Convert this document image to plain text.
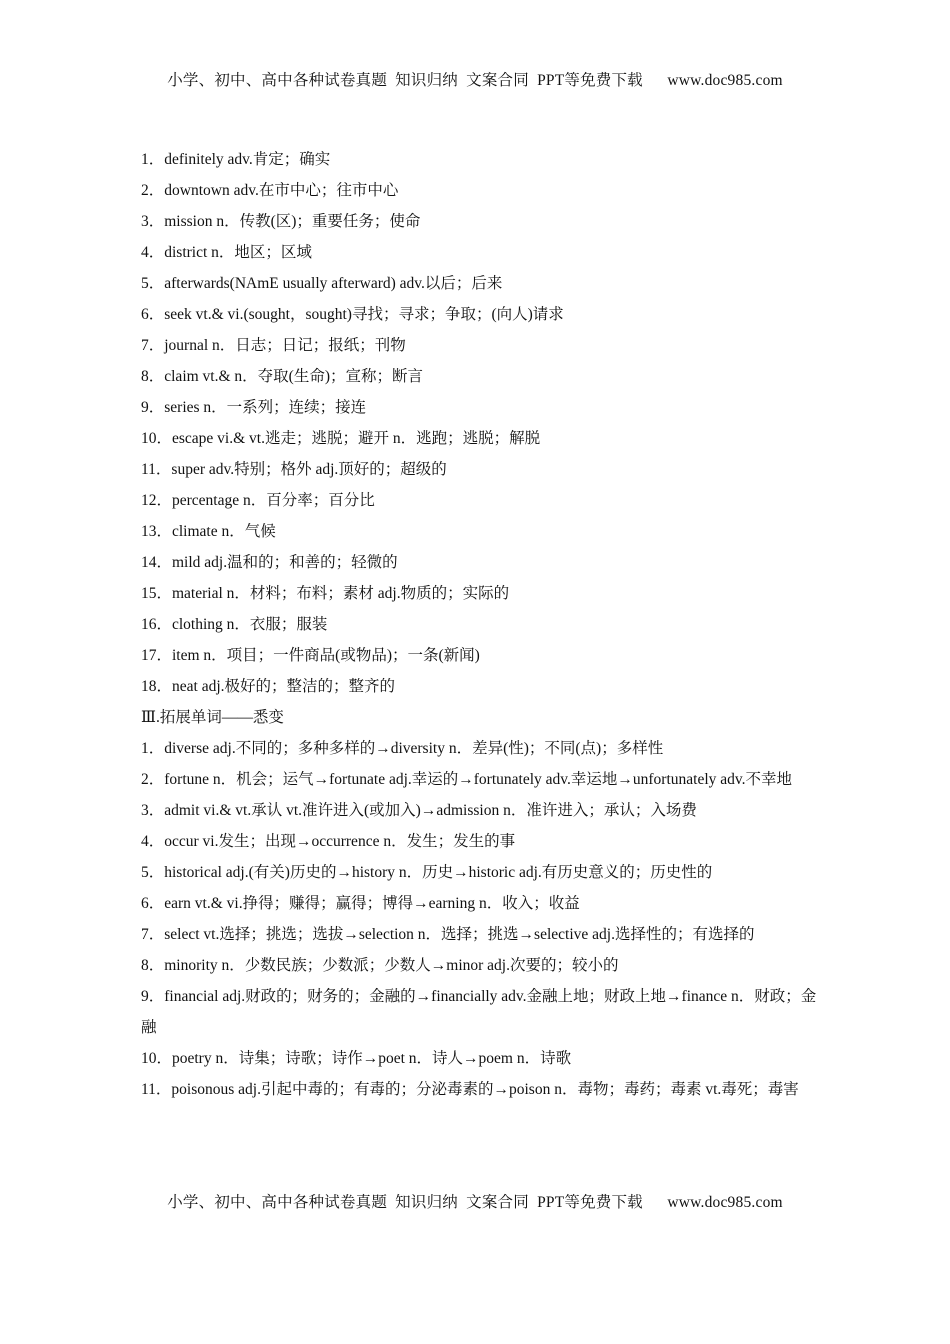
小学、初中、高中各种试卷真题  知识归纳  文案合同  PPT等免费下载      www.doc985.com
1．definitely adv.肯定；确实
2．downtown adv.在市中心；往市中心
3．mission n．传教(区)；重要任务；使命
4．district n．地区；区域
5．afterwards(NAmE usually afterward) adv.以后；后来
6．seek vt.& vi.(sought，sought)寻找；寻求；争取；(向人)请求
7．journal n．日志；日记；报纸；刊物
8．claim vt.& n．夺取(生命)；宣称；断言
9．series n．一系列；连续；接连
10．escape vi.& vt.逃走；逃脱；避开 n．逃跑；逃脱；解脱
11．super adv.特别；格外 adj.顶好的；超级的
12．percentage n．百分率；百分比
13．climate n．气候
14．mild adj.温和的；和善的；轻微的
15．material n．材料；布料；素材 adj.物质的；实际的
16．clothing n．衣服；服装
17．item n．项目；一件商品(或物品)；一条(新闻)
18．neat adj.极好的；整洁的；整齐的
Ⅲ.拓展单词——悉变
1．diverse adj.不同的；多种多样的→diversity n．差异(性)；不同(点)；多样性
2．fortune n．机会；运气→fortunate adj.幸运的→fortunately adv.幸运地→unfortunately adv.不幸地
3．admit vi.& vt.承认 vt.准许进入(或加入)→admission n．准许进入；承认；入场费
4．occur vi.发生；出现→occurrence n．发生；发生的事
5．historical adj.(有关)历史的→history n．历史→historic adj.有历史意义的；历史性的
6．earn vt.& vi.挣得；赚得；赢得；博得→earning n．收入；收益
7．select vt.选择；挑选；选拔→selection n．选择；挑选→selective adj.选择性的；有选择的
8．minority n．少数民族；少数派；少数人→minor adj.次要的；较小的
9．financial adj.财政的；财务的；金融的→financially adv.金融上地；财政上地→finance n．财政；金融
10．poetry n．诗集；诗歌；诗作→poet n．诗人→poem n．诗歌
11．poisonous adj.引起中毒的；有毒的；分泌毒素的→poison n．毒物；毒药；毒素 vt.毒死；毒害
小学、初中、高中各种试卷真题  知识归纳  文案合同  PPT等免费下载      www.doc985.com
